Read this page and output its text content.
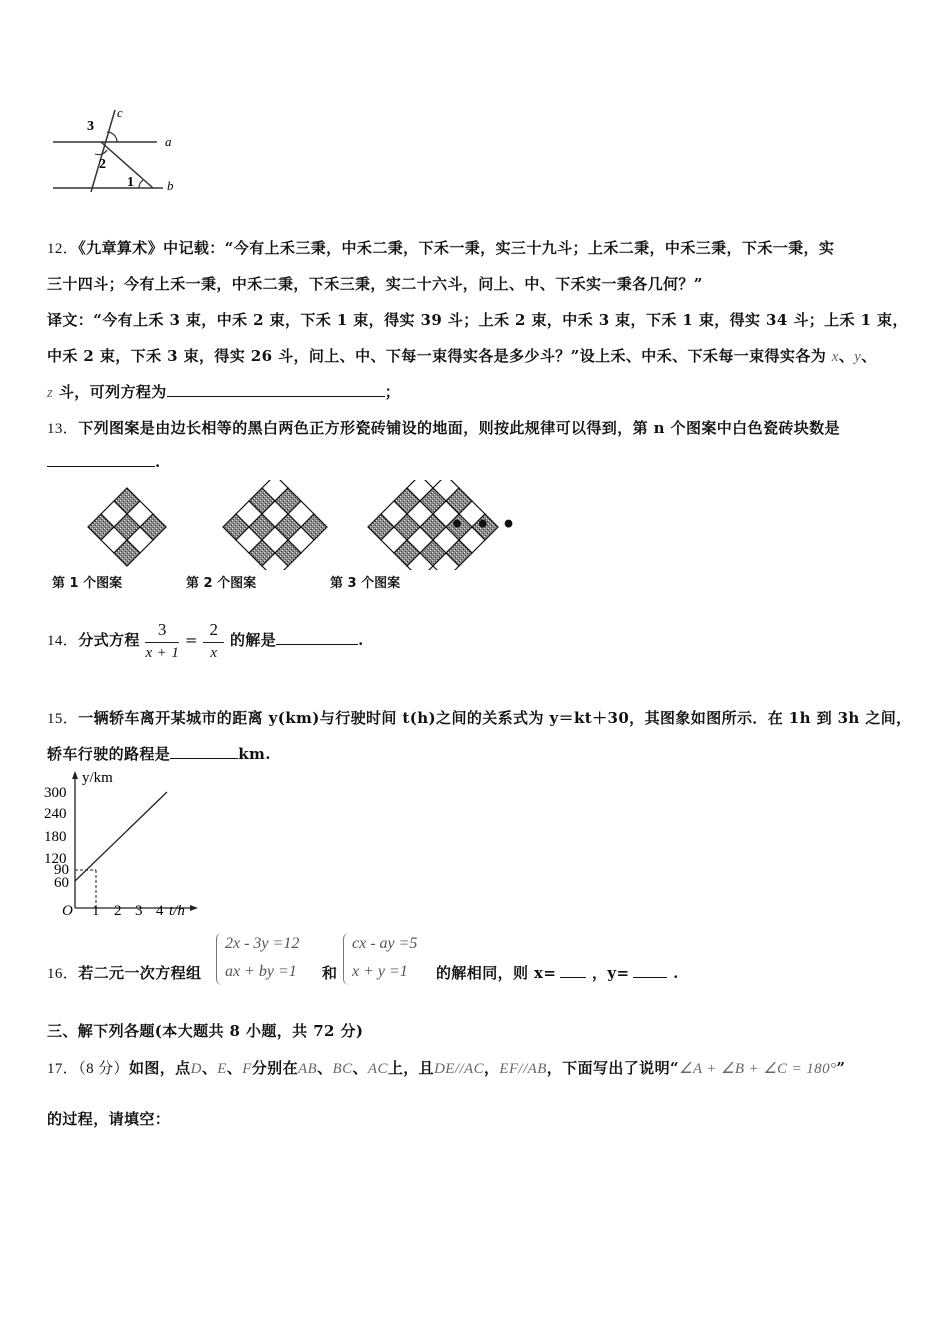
3
c
a
2
1	b
12．《九章算术》中记载：“今有上禾三秉，中禾二秉，下禾一秉，实三十九斗；上禾二秉，中禾三秉，下禾一秉，实
三十四斗；今有上禾一秉，中禾二秉，下禾三秉，实二十六斗，问上、中、下禾实一秉各几何？”
译文：“今有上禾 3 束，中禾 2 束，下禾 1 束，得实 39 斗；上禾 2 束，中禾 3 束，下禾 1 束，得实 34 斗；上禾 1 束，
中禾 2 束，下禾 3 束，得实 26 斗，问上、中、下每一束得实各是多少斗？”设上禾、中禾、下禾每一束得实各为 x、y、
z 斗，可列方程为	；
13．下列图案是由边长相等的黑白两色正方形瓷砖铺设的地面，则按此规律可以得到，第 n 个图案中白色瓷砖块数是
.
第 1 个图案	第 2 个图案	第 3 个图案
• • •
14．分式方程 $\frac{3}{x + 1} = \frac{2}{x}$ 的解是	.
15．一辆轿车离开某城市的距离 y(km)与行驶时间 t(h)之间的关系式为 y＝kt＋30，其图象如图所示．在 1h 到 3h 之间，
轿车行驶的路程是	km.
y/km
300
240
180
120
90
60
O 1 2 3 4 t/h
16．若二元一次方程组
2x - 3y =12
ax + by =1 和
cx - ay =5
x + y =1 的解相同，则 x= ，y=	.
三、解下列各题(本大题共 8 小题，共 72 分)
17．（8 分）如图，点D、E、F分别在AB、BC、AC上，且DE//AC，EF//AB，下面写出了说明“∠A + ∠B + ∠C = 180°”
的过程，请填空：
